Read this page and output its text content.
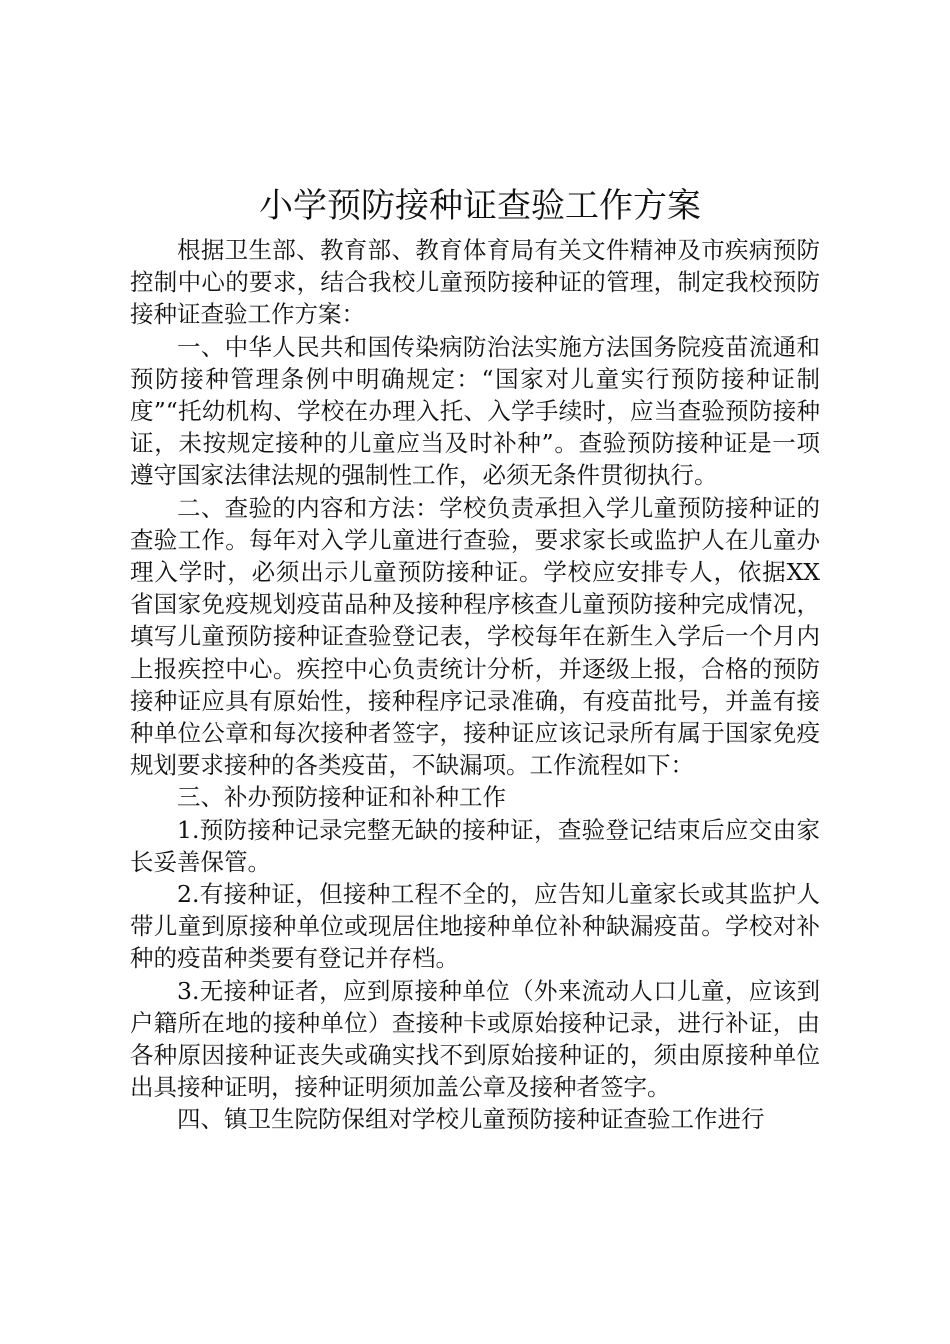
小学预防接种证查验工作方案

根据卫生部、教育部、教育体育局有关文件精神及市疾病预防控制中心的要求，结合我校儿童预防接种证的管理，制定我校预防接种证查验工作方案：

一、中华人民共和国传染病防治法实施方法国务院疫苗流通和预防接种管理条例中明确规定：“国家对儿童实行预防接种证制度”“托幼机构、学校在办理入托、入学手续时，应当查验预防接种证，未按规定接种的儿童应当及时补种”。查验预防接种证是一项遵守国家法律法规的强制性工作，必须无条件贯彻执行。

二、查验的内容和方法：学校负责承担入学儿童预防接种证的查验工作。每年对入学儿童进行查验，要求家长或监护人在儿童办理入学时，必须出示儿童预防接种证。学校应安排专人，依据XX省国家免疫规划疫苗品种及接种程序核查儿童预防接种完成情况，填写儿童预防接种证查验登记表，学校每年在新生入学后一个月内上报疾控中心。疾控中心负责统计分析，并逐级上报，合格的预防接种证应具有原始性，接种程序记录准确，有疫苗批号，并盖有接种单位公章和每次接种者签字，接种证应该记录所有属于国家免疫规划要求接种的各类疫苗，不缺漏项。工作流程如下：

三、补办预防接种证和补种工作

1.预防接种记录完整无缺的接种证，查验登记结束后应交由家长妥善保管。

2.有接种证，但接种工程不全的，应告知儿童家长或其监护人带儿童到原接种单位或现居住地接种单位补种缺漏疫苗。学校对补种的疫苗种类要有登记并存档。

3.无接种证者，应到原接种单位（外来流动人口儿童，应该到户籍所在地的接种单位）查接种卡或原始接种记录，进行补证，由各种原因接种证丧失或确实找不到原始接种证的，须由原接种单位出具接种证明，接种证明须加盖公章及接种者签字。

四、镇卫生院防保组对学校儿童预防接种证查验工作进行
